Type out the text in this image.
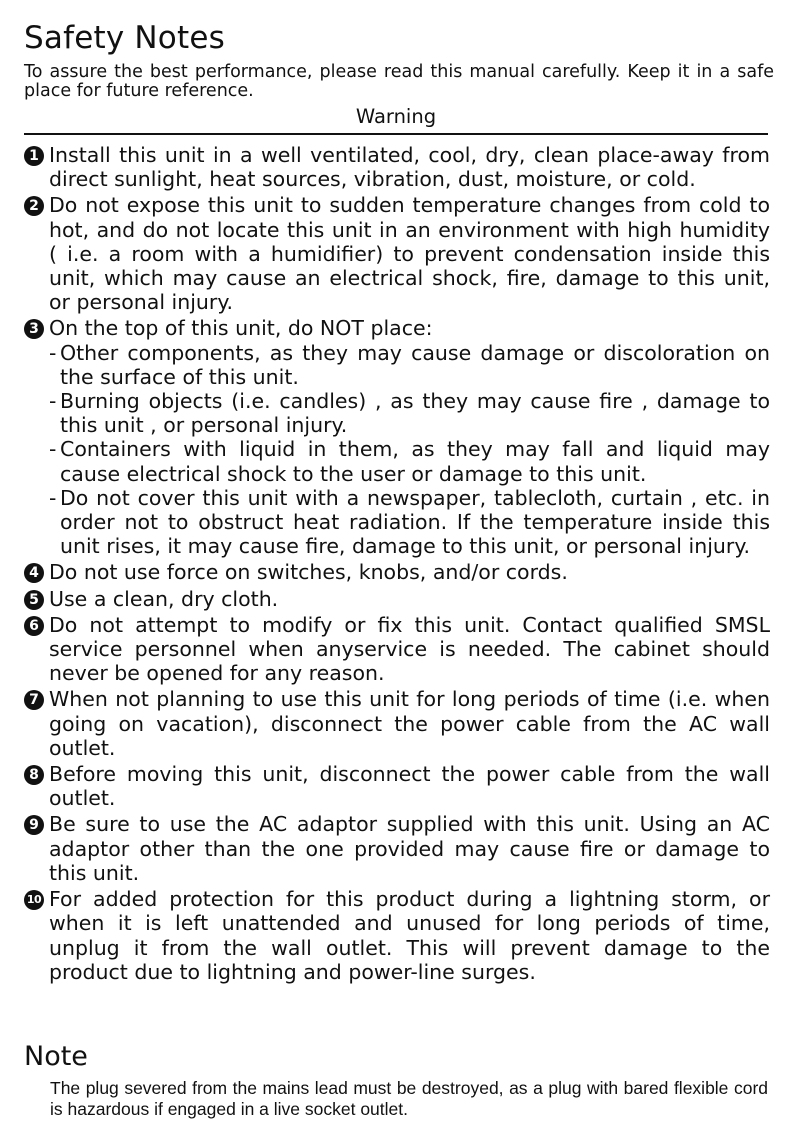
Safety Notes

To assure the best performance, please read this manual carefully. Keep it in a safe place for future reference.

Warning

1 Install this unit in a well ventilated, cool, dry, clean place-away from direct sunlight, heat sources, vibration, dust, moisture, or cold.
2 Do not expose this unit to sudden temperature changes from cold to hot, and do not locate this unit in an environment with high humidity ( i.e. a room with a humidifier) to prevent condensation inside this unit, which may cause an electrical shock, fire, damage to this unit, or personal injury.
3 On the top of this unit, do NOT place:
- Other components, as they may cause damage or discoloration on the surface of this unit.
- Burning objects (i.e. candles) , as they may cause fire , damage to this unit , or personal injury.
- Containers with liquid in them, as they may fall and liquid may cause electrical shock to the user or damage to this unit.
- Do not cover this unit with a newspaper, tablecloth, curtain , etc. in order not to obstruct heat radiation. If the temperature inside this unit rises, it may cause fire, damage to this unit, or personal injury.
4 Do not use force on switches, knobs, and/or cords.
5 Use a clean, dry cloth.
6 Do not attempt to modify or fix this unit. Contact qualified SMSL service personnel when anyservice is needed. The cabinet should never be opened for any reason.
7 When not planning to use this unit for long periods of time (i.e. when going on vacation), disconnect the power cable from the AC wall outlet.
8 Before moving this unit, disconnect the power cable from the wall outlet.
9 Be sure to use the AC adaptor supplied with this unit. Using an AC adaptor other than the one provided may cause fire or damage to this unit.
10 For added protection for this product during a lightning storm, or when it is left unattended and unused for long periods of time, unplug it from the wall outlet. This will prevent damage to the product due to lightning and power-line surges.
Note

The plug severed from the mains lead must be destroyed, as a plug with bared flexible cord is hazardous if engaged in a live socket outlet.
